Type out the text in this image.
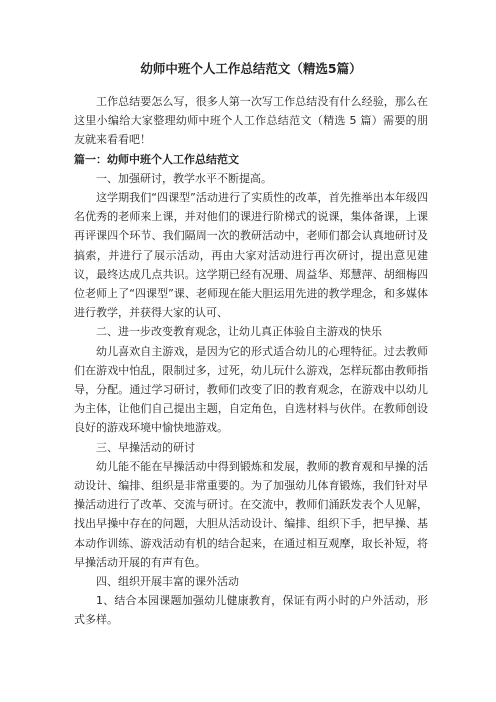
幼师中班个人工作总结范文（精选5篇）

工作总结要怎么写，很多人第一次写工作总结没有什么经验，那么在这里小编给大家整理幼师中班个人工作总结范文（精选 5 篇）需要的朋友就来看看吧！

篇一：幼师中班个人工作总结范文

一、加强研讨，教学水平不断提高。

这学期我们“四课型”活动进行了实质性的改革，首先推举出本年级四名优秀的老师来上课，并对他们的课进行阶梯式的说课，集体备课，上课再评课四个环节、我们隔周一次的教研活动中，老师们都会认真地研讨及搞索，并进行了展示活动，再由大家对活动进行再次研讨，提出意见建议，最终达成几点共识。这学期已经有况珊、周益华、郑慧萍、胡细梅四位老师上了“四课型”课、老师现在能大胆运用先进的教学理念，和多媒体进行教学，并获得大家的认可、

二、进一步改变教育观念，让幼儿真正体验自主游戏的快乐

幼儿喜欢自主游戏，是因为它的形式适合幼儿的心理特征。过去教师们在游戏中怕乱，限制过多，过死，幼儿玩什么游戏，怎样玩都由教师指导，分配。通过学习研讨，教师们改变了旧的教育观念，在游戏中以幼儿为主体，让他们自己提出主题，自定角色，自选材料与伙伴。在教师创设良好的游戏环境中愉快地游戏。

三、早操活动的研讨

幼儿能不能在早操活动中得到锻炼和发展，教师的教育观和早操的活动设计、编排、组织是非常重要的。为了加强幼儿体育锻炼，我们针对早操活动进行了改革、交流与研讨。在交流中，教师们涌跃发表个人见解，找出早操中存在的问题，大胆从活动设计、编排、组织下手，把早操、基本动作训练、游戏活动有机的结合起来，在通过相互观摩，取长补短，将早操活动开展的有声有色。

四、组织开展丰富的课外活动

1、结合本园课题加强幼儿健康教育，保证有两小时的户外活动，形式多样。
